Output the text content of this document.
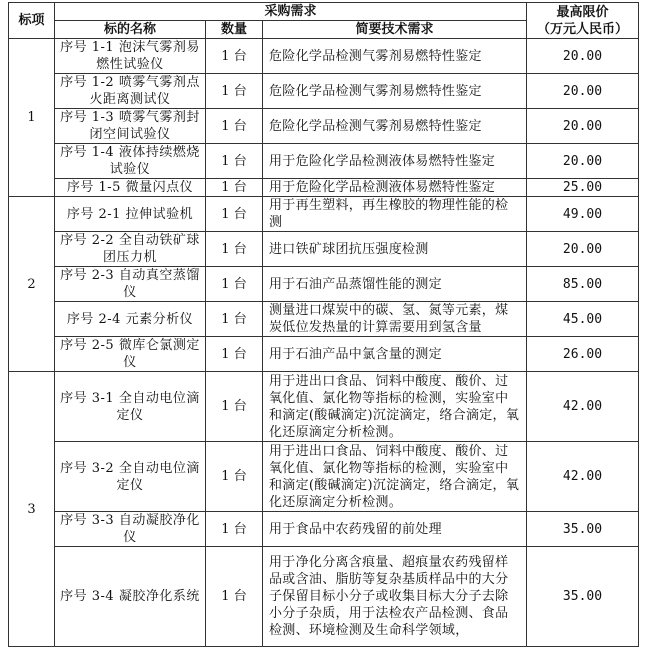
标项	采购需求			最高限价
（万元人民币）

	标的名称	数量	简要技术需求	
1	序号 1-1 泡沫气雾剂易燃性试验仪	1 台	危险化学品检测气雾剂易燃特性鉴定	20.00
	序号 1-2 喷雾气雾剂点火距离测试仪	1 台	危险化学品检测气雾剂易燃特性鉴定	20.00
	序号 1-3 喷雾气雾剂封闭空间试验仪	1 台	危险化学品检测气雾剂易燃特性鉴定	20.00
	序号 1-4 液体持续燃烧试验仪	1 台	用于危险化学品检测液体易燃特性鉴定	20.00
	序号 1-5 微量闪点仪	1 台	用于危险化学品检测液体易燃特性鉴定	25.00
2	序号 2-1 拉伸试验机	1 台	用于再生塑料，再生橡胶的物理性能的检测	49.00
	序号 2-2 全自动铁矿球团压力机	1 台	进口铁矿球团抗压强度检测	20.00
	序号 2-3 自动真空蒸馏仪	1 台	用于石油产品蒸馏性能的测定	85.00
	序号 2-4 元素分析仪	1 台	测量进口煤炭中的碳、氢、氮等元素，煤炭低位发热量的计算需要用到氢含量	45.00
	序号 2-5 微库仑氯测定仪	1 台	用于石油产品中氯含量的测定	26.00
3	序号 3-1 全自动电位滴定仪	1 台	用于进出口食品、饲料中酸度、酸价、过氧化值、氯化物等指标的检测，实验室中和滴定(酸碱滴定)沉淀滴定，络合滴定，氧化还原滴定分析检测。	42.00
	序号 3-2 全自动电位滴定仪	1 台	用于进出口食品、饲料中酸度、酸价、过氧化值、氯化物等指标的检测，实验室中和滴定(酸碱滴定)沉淀滴定，络合滴定，氧化还原滴定分析检测。	42.00
	序号 3-3 自动凝胶净化仪	1 台	用于食品中农药残留的前处理	35.00
	序号 3-4 凝胶净化系统	1 台	用于净化分离含痕量、超痕量农药残留样品或含油、脂肪等复杂基质样品中的大分子保留目标小分子或收集目标大分子去除小分子杂质，用于法检农产品检测、食品检测、环境检测及生命科学领域，	35.00
